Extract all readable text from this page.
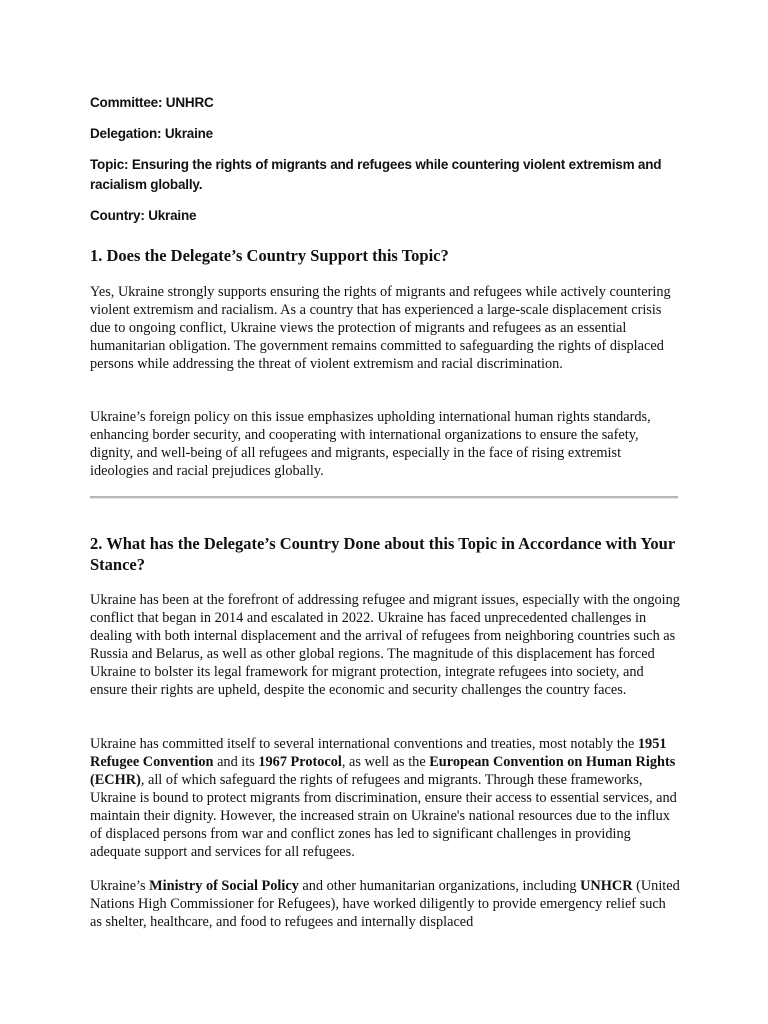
Committee: UNHRC

Delegation: Ukraine

Topic: Ensuring the rights of migrants and refugees while countering violent extremism and racialism globally.

Country: Ukraine

1. Does the Delegate’s Country Support this Topic?

Yes, Ukraine strongly supports ensuring the rights of migrants and refugees while actively countering violent extremism and racialism. As a country that has experienced a large-scale displacement crisis due to ongoing conflict, Ukraine views the protection of migrants and refugees as an essential humanitarian obligation. The government remains committed to safeguarding the rights of displaced persons while addressing the threat of violent extremism and racial discrimination.

Ukraine’s foreign policy on this issue emphasizes upholding international human rights standards, enhancing border security, and cooperating with international organizations to ensure the safety, dignity, and well-being of all refugees and migrants, especially in the face of rising extremist ideologies and racial prejudices globally.

2. What has the Delegate’s Country Done about this Topic in Accordance with Your Stance?

Ukraine has been at the forefront of addressing refugee and migrant issues, especially with the ongoing conflict that began in 2014 and escalated in 2022. Ukraine has faced unprecedented challenges in dealing with both internal displacement and the arrival of refugees from neighboring countries such as Russia and Belarus, as well as other global regions. The magnitude of this displacement has forced Ukraine to bolster its legal framework for migrant protection, integrate refugees into society, and ensure their rights are upheld, despite the economic and security challenges the country faces.

Ukraine has committed itself to several international conventions and treaties, most notably the 1951 Refugee Convention and its 1967 Protocol, as well as the European Convention on Human Rights (ECHR), all of which safeguard the rights of refugees and migrants. Through these frameworks, Ukraine is bound to protect migrants from discrimination, ensure their access to essential services, and maintain their dignity. However, the increased strain on Ukraine's national resources due to the influx of displaced persons from war and conflict zones has led to significant challenges in providing adequate support and services for all refugees.

Ukraine’s Ministry of Social Policy and other humanitarian organizations, including UNHCR (United Nations High Commissioner for Refugees), have worked diligently to provide emergency relief such as shelter, healthcare, and food to refugees and internally displaced
